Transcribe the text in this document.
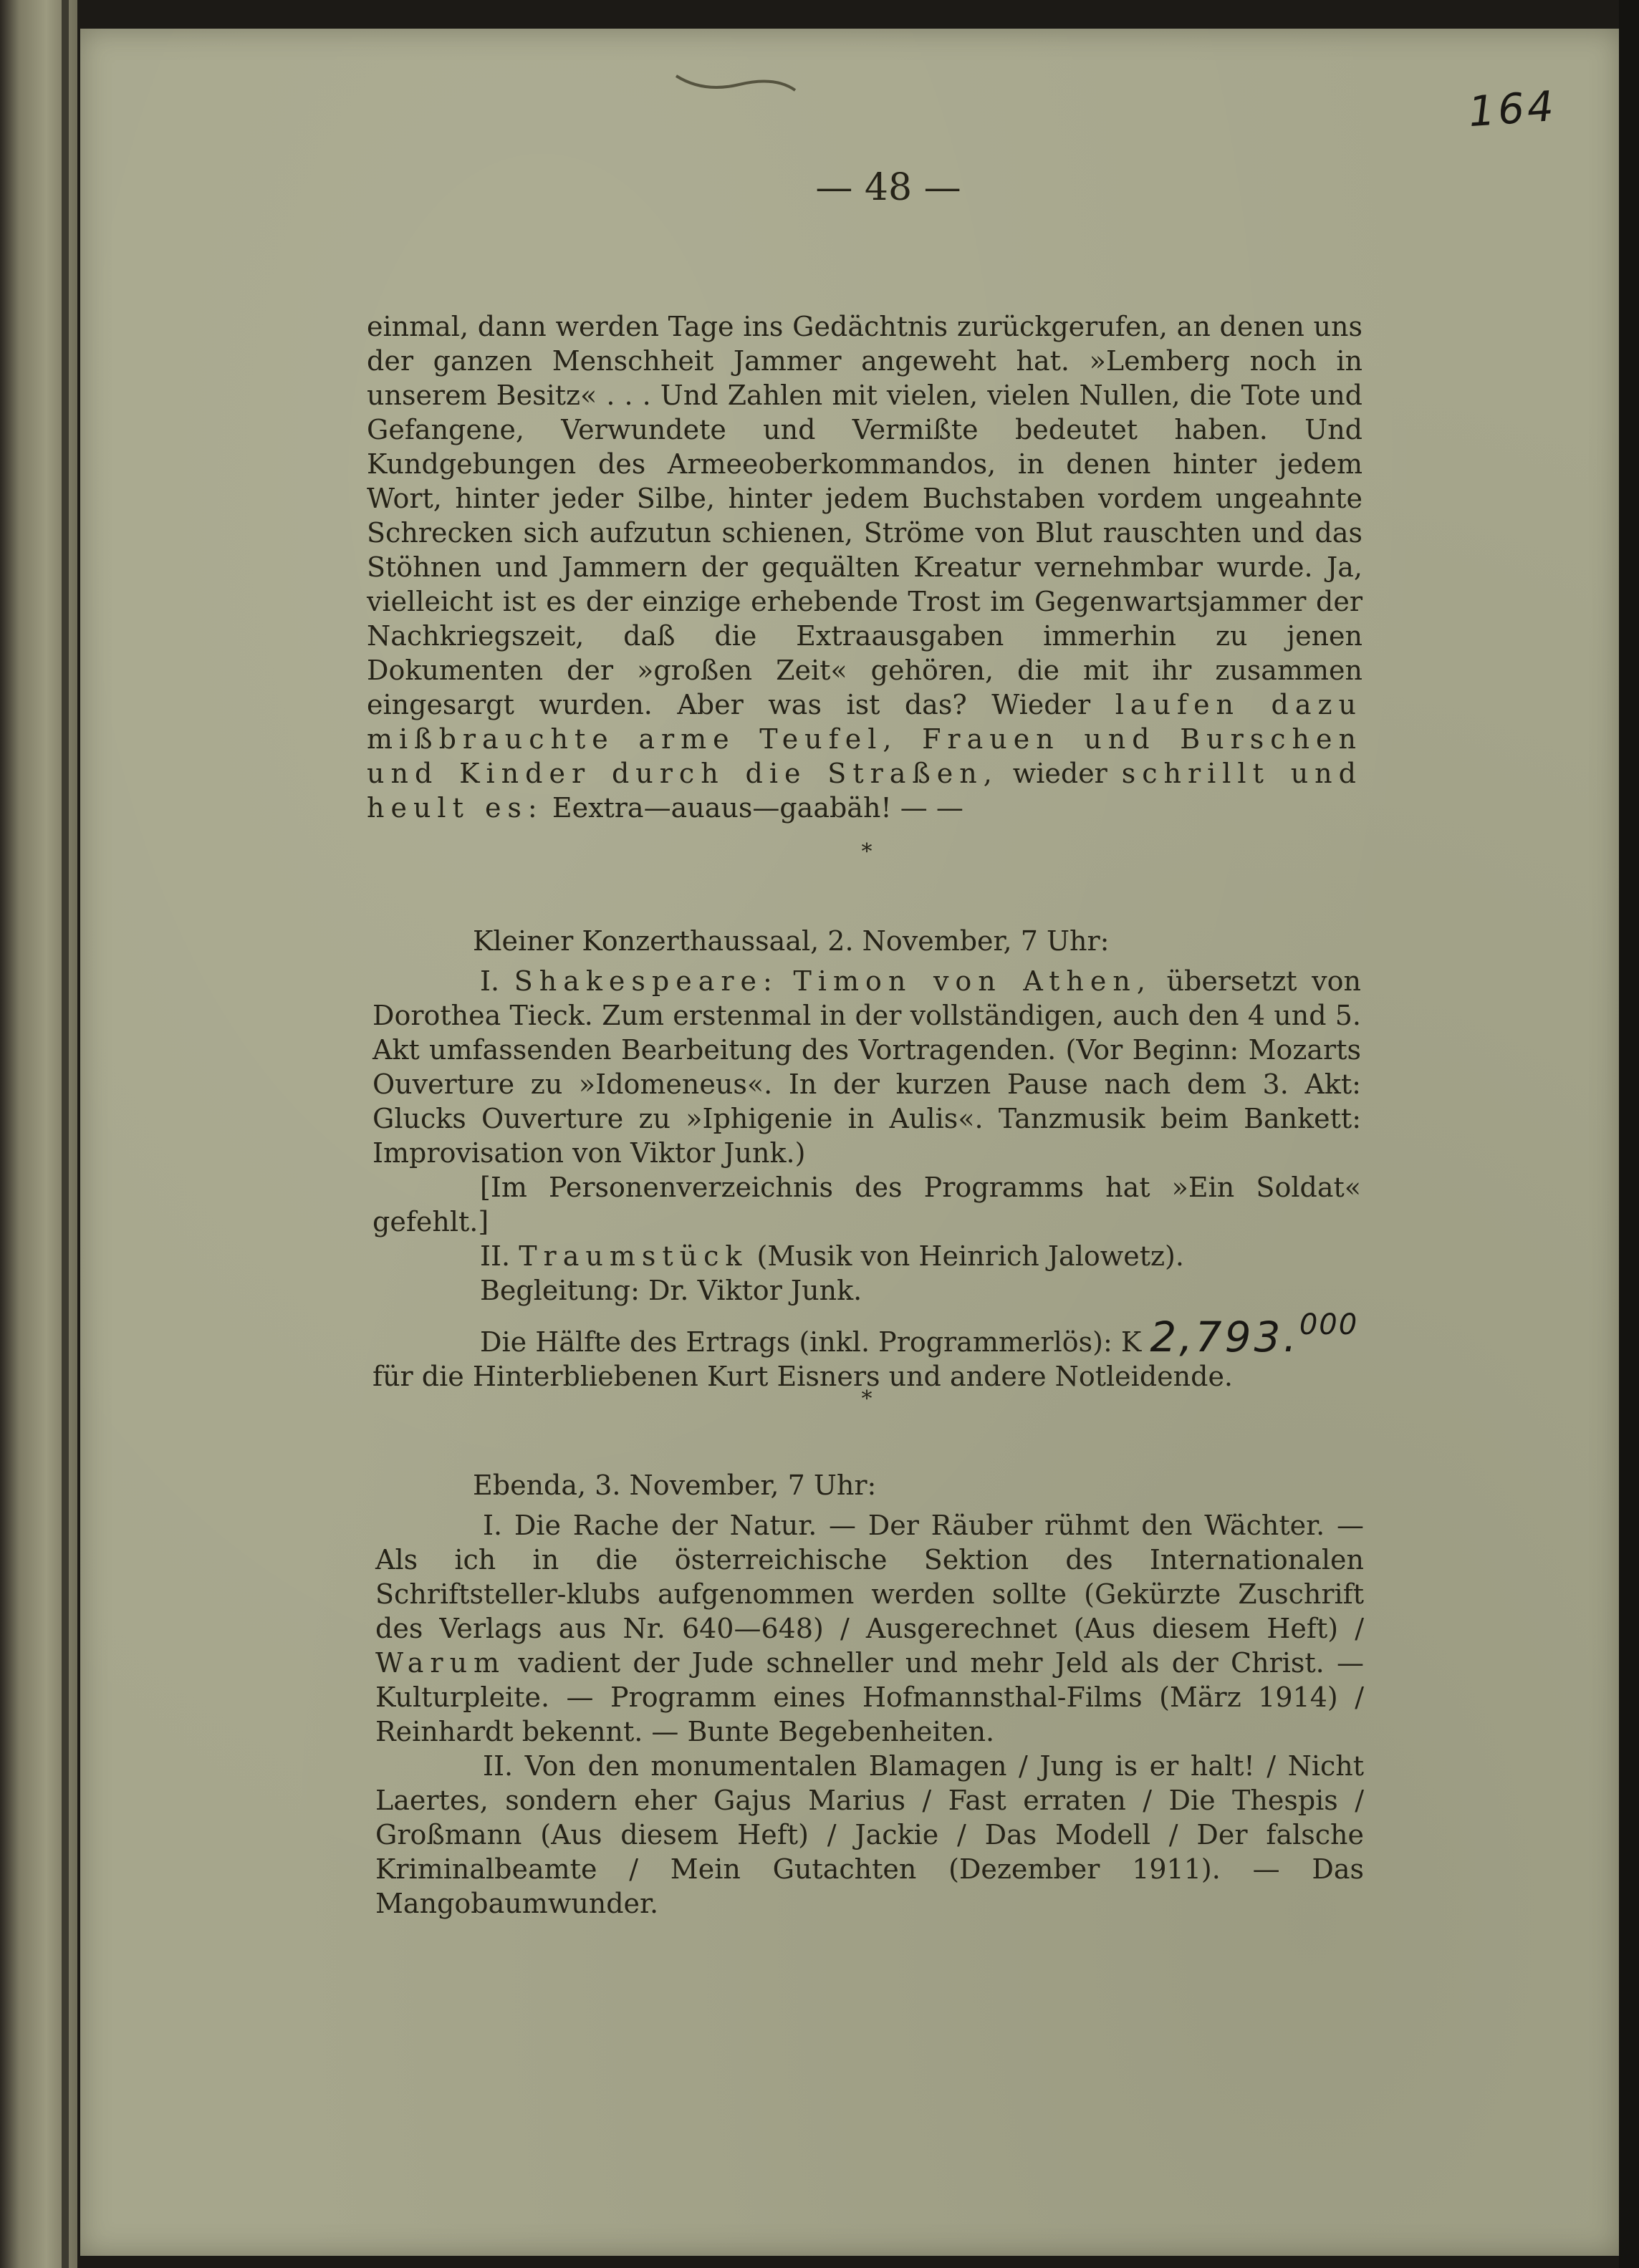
164
— 48 —

einmal, dann werden Tage ins Gedächtnis zurückgerufen, an denen uns der ganzen Menschheit Jammer angeweht hat. »Lemberg noch in unserem Besitz« . . . Und Zahlen mit vielen, vielen Nullen, die Tote und Gefangene, Verwundete und Vermißte bedeutet haben. Und Kundgebungen des Armeeoberkommandos, in denen hinter jedem Wort, hinter jeder Silbe, hinter jedem Buchstaben vordem ungeahnte Schrecken sich aufzutun schienen, Ströme von Blut rauschten und das Stöhnen und Jammern der gequälten Kreatur vernehmbar wurde. Ja, vielleicht ist es der einzige erhebende Trost im Gegenwartsjammer der Nachkriegszeit, daß die Extraausgaben immerhin zu jenen Dokumenten der »großen Zeit« gehören, die mit ihr zusammen eingesargt wurden. Aber was ist das? Wieder laufen dazu mißbrauchte arme Teufel, Frauen und Burschen und Kinder durch die Straßen, wieder schrillt und heult es: Eextra—auaus—gaabäh! — —

*
Kleiner Konzerthaussaal, 2. November, 7 Uhr:

I. Shakespeare: Timon von Athen, übersetzt von Dorothea Tieck. Zum erstenmal in der vollständigen, auch den 4 und 5. Akt umfassenden Bearbeitung des Vortragenden. (Vor Beginn: Mozarts Ouverture zu »Idomeneus«. In der kurzen Pause nach dem 3. Akt: Glucks Ouverture zu »Iphigenie in Aulis«. Tanzmusik beim Bankett: Improvisation von Viktor Junk.)

[Im Personenverzeichnis des Programms hat »Ein Soldat« gefehlt.]

II. Traumstück (Musik von Heinrich Jalowetz).

Begleitung: Dr. Viktor Junk.

Die Hälfte des Ertrags (inkl. Programmerlös): K 2,793.000

für die Hinterbliebenen Kurt Eisners und andere Notleidende.

*
Ebenda, 3. November, 7 Uhr:

I. Die Rache der Natur. — Der Räuber rühmt den Wächter. — Als ich in die österreichische Sektion des Internationalen Schriftsteller-klubs aufgenommen werden sollte (Gekürzte Zuschrift des Verlags aus Nr. 640—648) / Ausgerechnet (Aus diesem Heft) / Warum vadient der Jude schneller und mehr Jeld als der Christ. — Kulturpleite. — Programm eines Hofmannsthal-Films (März 1914) / Reinhardt bekennt. — Bunte Begebenheiten.

II. Von den monumentalen Blamagen / Jung is er halt! / Nicht Laertes, sondern eher Gajus Marius / Fast erraten / Die Thespis / Großmann (Aus diesem Heft) / Jackie / Das Modell / Der falsche Kriminalbeamte / Mein Gutachten (Dezember 1911). — Das Mangobaumwunder.
